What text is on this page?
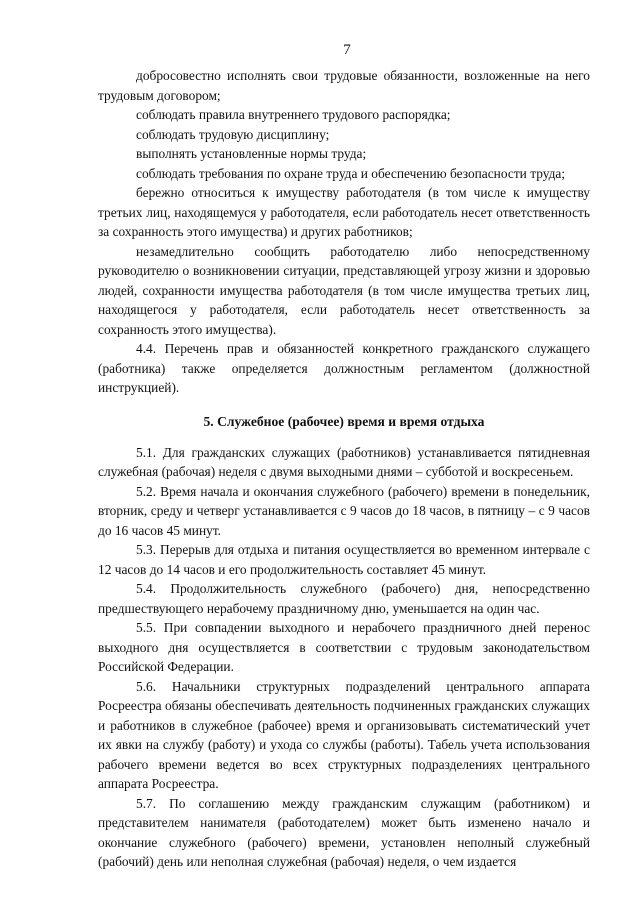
7

добросовестно исполнять свои трудовые обязанности, возложенные на него трудовым договором;

соблюдать правила внутреннего трудового распорядка;

соблюдать трудовую дисциплину;

выполнять установленные нормы труда;

соблюдать требования по охране труда и обеспечению безопасности труда;

бережно относиться к имуществу работодателя (в том числе к имуществу третьих лиц, находящемуся у работодателя, если работодатель несет ответственность за сохранность этого имущества) и других работников;

незамедлительно сообщить работодателю либо непосредственному руководителю о возникновении ситуации, представляющей угрозу жизни и здоровью людей, сохранности имущества работодателя (в том числе имущества третьих лиц, находящегося у работодателя, если работодатель несет ответственность за сохранность этого имущества).

4.4. Перечень прав и обязанностей конкретного гражданского служащего (работника) также определяется должностным регламентом (должностной инструкцией).

5. Служебное (рабочее) время и время отдыха

5.1. Для гражданских служащих (работников) устанавливается пятидневная служебная (рабочая) неделя с двумя выходными днями – субботой и воскресеньем.

5.2. Время начала и окончания служебного (рабочего) времени в понедельник, вторник, среду и четверг устанавливается с 9 часов до 18 часов, в пятницу – с 9 часов до 16 часов 45 минут.

5.3. Перерыв для отдыха и питания осуществляется во временном интервале с 12 часов до 14 часов и его продолжительность составляет 45 минут.

5.4. Продолжительность служебного (рабочего) дня, непосредственно предшествующего нерабочему праздничному дню, уменьшается на один час.

5.5. При совпадении выходного и нерабочего праздничного дней перенос выходного дня осуществляется в соответствии с трудовым законодательством Российской Федерации.

5.6. Начальники структурных подразделений центрального аппарата Росреестра обязаны обеспечивать деятельность подчиненных гражданских служащих и работников в служебное (рабочее) время и организовывать систематический учет их явки на службу (работу) и ухода со службы (работы). Табель учета использования рабочего времени ведется во всех структурных подразделениях центрального аппарата Росреестра.

5.7. По соглашению между гражданским служащим (работником) и представителем нанимателя (работодателем) может быть изменено начало и окончание служебного (рабочего) времени, установлен неполный служебный (рабочий) день или неполная служебная (рабочая) неделя, о чем издается
